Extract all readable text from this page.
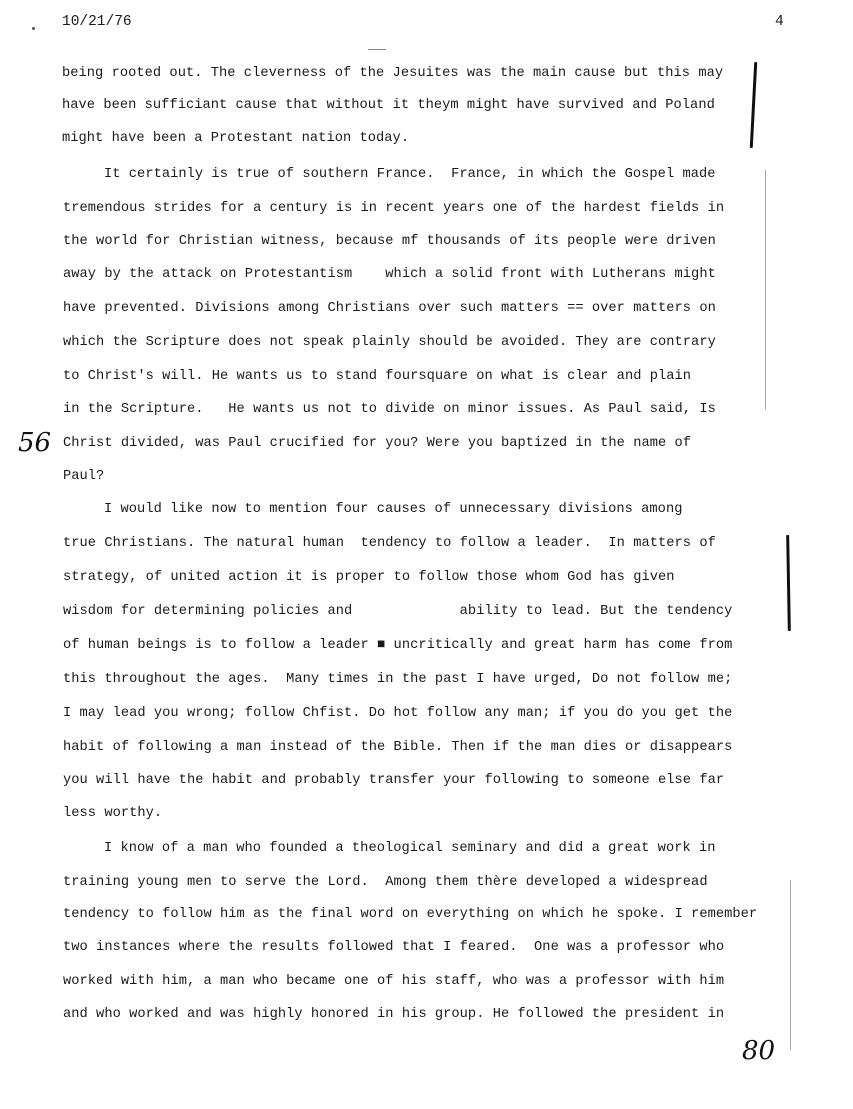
10/21/76	4
being rooted out. The cleverness of the Jesuites was the main cause but this may
have been sufficiant cause that without it theym might have survived and Poland
might have been a Protestant nation today.
It certainly is true of southern France.  France, in which the Gospel made
tremendous strides for a century is in recent years one of the hardest fields in
the world for Christian witness, because mf thousands of its people were driven
away by the attack on Protestantism    which a solid front with Lutherans might
have prevented. Divisions among Christians over such matters == over matters on
which the Scripture does not speak plainly should be avoided. They are contrary
to Christ's will. He wants us to stand foursquare on what is clear and plain
in the Scripture.   He wants us not to divide on minor issues. As Paul said, Is
Christ divided, was Paul crucified for you? Were you baptized in the name of
Paul?
I would like now to mention four causes of unnecessary divisions among
true Christians. The natural human  tendency to follow a leader.  In matters of
strategy, of united action it is proper to follow those whom God has given
wisdom for determining policies and             ability to lead. But the tendency
of human beings is to follow a leader ■ uncritically and great harm has come from
this throughout the ages.  Many times in the past I have urged, Do not follow me;
I may lead you wrong; follow Chfist. Do hot follow any man; if you do you get the
habit of following a man instead of the Bible. Then if the man dies or disappears
you will have the habit and probably transfer your following to someone else far
less worthy.
I know of a man who founded a theological seminary and did a great work in
training young men to serve the Lord.  Among them thère developed a widespread
tendency to follow him as the final word on everything on which he spoke. I remember
two instances where the results followed that I feared.  One was a professor who
worked with him, a man who became one of his staff, who was a professor with him
and who worked and was highly honored in his group. He followed the president in
56
80
